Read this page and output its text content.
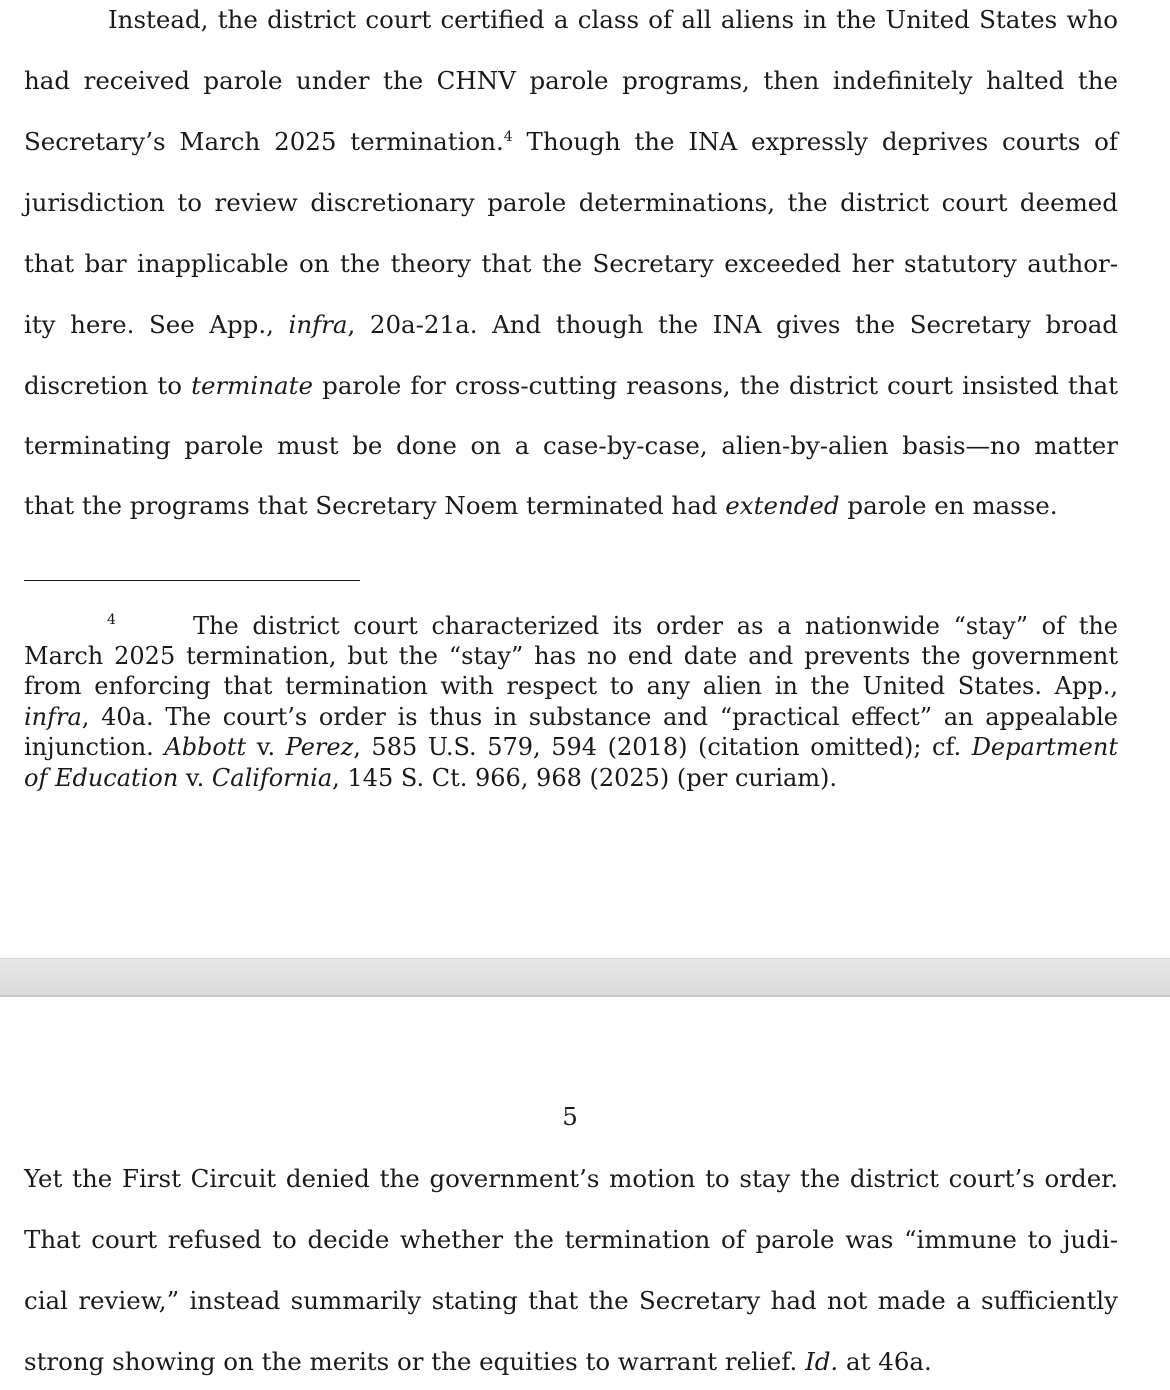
Instead, the district court certified a class of all aliens in the United States who
had received parole under the CHNV parole programs, then indefinitely halted the
Secretary’s March 2025 termination.$^4$ Though the INA expressly deprives courts of
jurisdiction to review discretionary parole determinations, the district court deemed
that bar inapplicable on the theory that the Secretary exceeded her statutory author-
ity here. See App., infra, 20a-21a. And though the INA gives the Secretary broad
discretion to terminate parole for cross-cutting reasons, the district court insisted that
terminating parole must be done on a case-by-case, alien-by-alien basis—no matter
that the programs that Secretary Noem terminated had extended parole en masse.
4	The district court characterized its order as a nationwide “stay” of the
March 2025 termination, but the “stay” has no end date and prevents the government
from enforcing that termination with respect to any alien in the United States. App.,
infra, 40a. The court’s order is thus in substance and “practical effect” an appealable
injunction. Abbott v. Perez, 585 U.S. 579, 594 (2018) (citation omitted); cf. Department
of Education v. California, 145 S. Ct. 966, 968 (2025) (per curiam).
5
Yet the First Circuit denied the government’s motion to stay the district court’s order.
That court refused to decide whether the termination of parole was “immune to judi-
cial review,” instead summarily stating that the Secretary had not made a sufficiently
strong showing on the merits or the equities to warrant relief. Id. at 46a.
